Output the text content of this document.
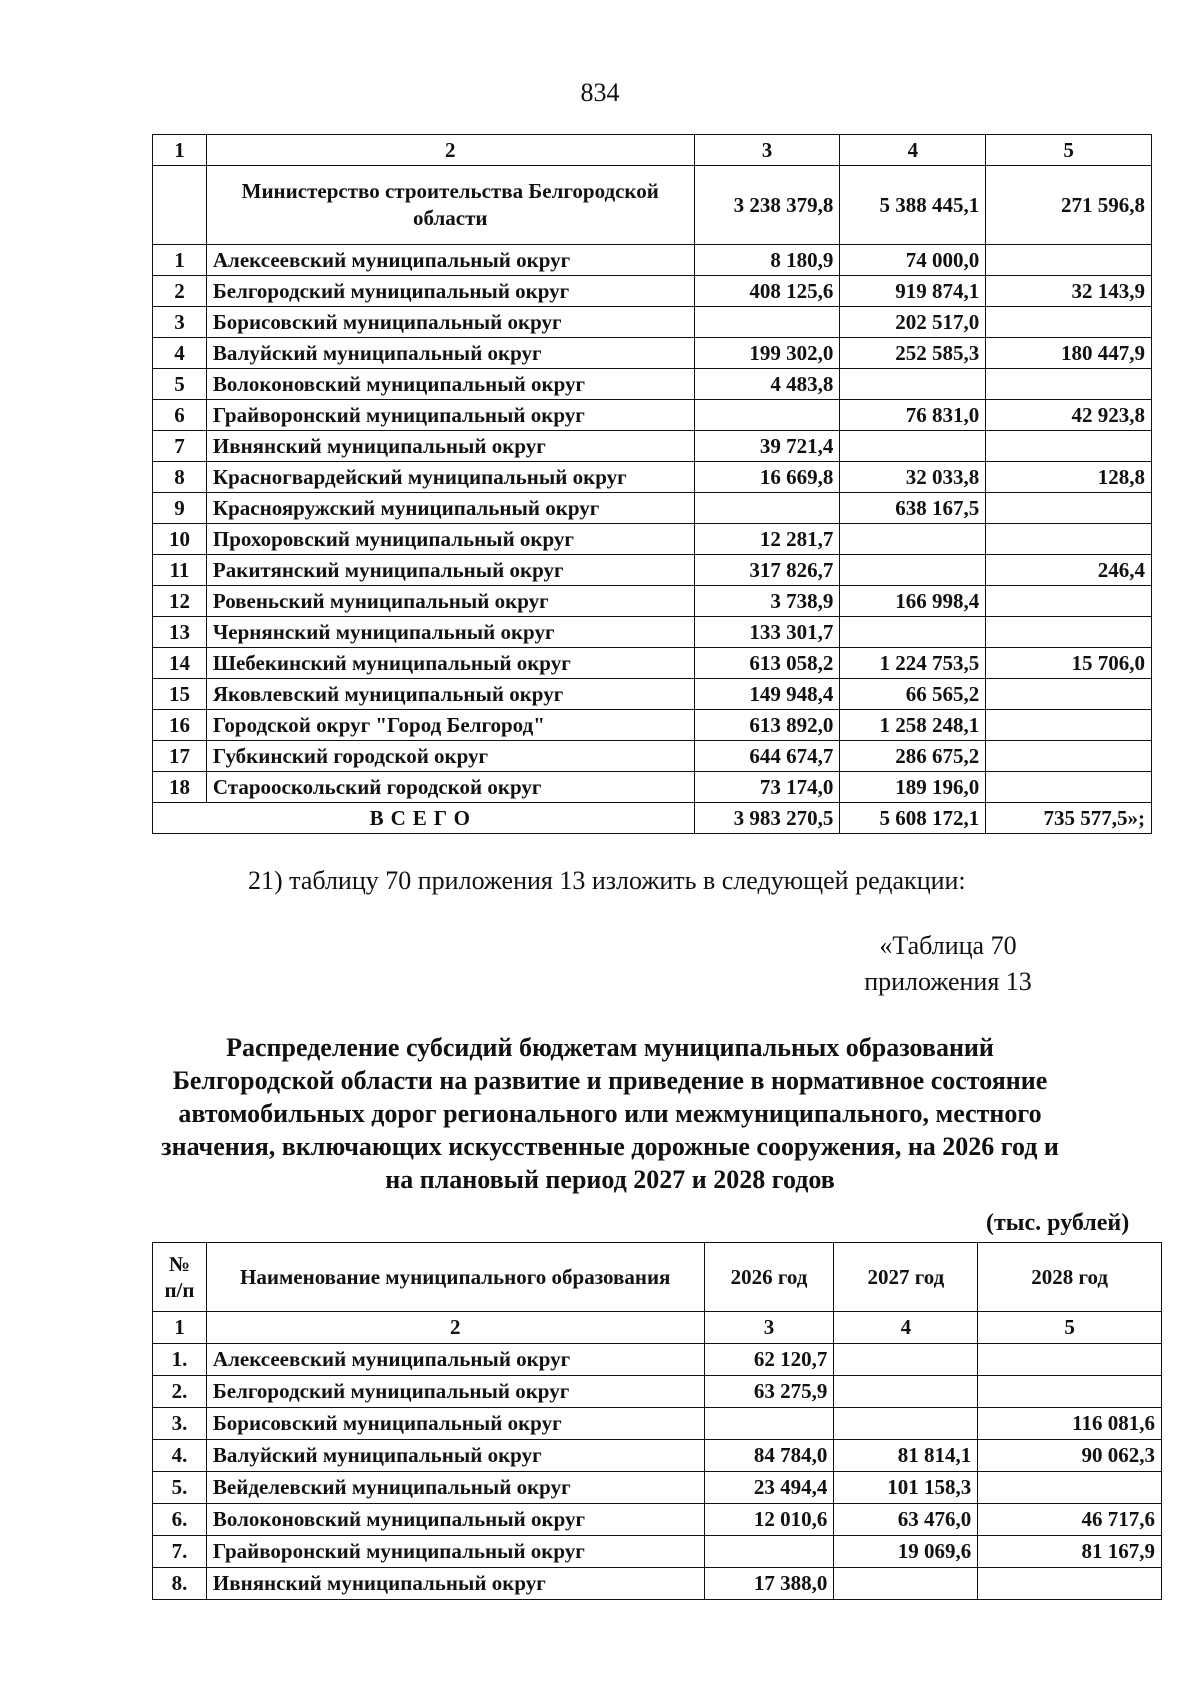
834
1	2	3	4	5
	Министерство строительства Белгородской области	3 238 379,8	5 388 445,1	271 596,8
1	Алексеевский муниципальный округ	8 180,9	74 000,0	
2	Белгородский муниципальный округ	408 125,6	919 874,1	32 143,9
3	Борисовский муниципальный округ		202 517,0	
4	Валуйский муниципальный округ	199 302,0	252 585,3	180 447,9
5	Волоконовский муниципальный округ	4 483,8		
6	Грайворонский муниципальный округ		76 831,0	42 923,8
7	Ивнянский муниципальный округ	39 721,4		
8	Красногвардейский муниципальный округ	16 669,8	32 033,8	128,8
9	Краснояружский муниципальный округ		638 167,5	
10	Прохоровский муниципальный округ	12 281,7		
11	Ракитянский муниципальный округ	317 826,7		246,4
12	Ровеньский муниципальный округ	3 738,9	166 998,4	
13	Чернянский муниципальный округ	133 301,7		
14	Шебекинский муниципальный округ	613 058,2	1 224 753,5	15 706,0
15	Яковлевский муниципальный округ	149 948,4	66 565,2	
16	Городской округ "Город Белгород"	613 892,0	1 258 248,1	
17	Губкинский городской округ	644 674,7	286 675,2	
18	Старооскольский городской округ	73 174,0	189 196,0	
ВСЕГО		3 983 270,5	5 608 172,1	735 577,5»;
21) таблицу 70 приложения 13 изложить в следующей редакции:
«Таблица 70
приложения 13
Распределение субсидий бюджетам муниципальных образований Белгородской области на развитие и приведение в нормативное состояние автомобильных дорог регионального или межмуниципального, местного значения, включающих искусственные дорожные сооружения, на 2026 год и на плановый период 2027 и 2028 годов
(тыс. рублей)
№ п/п	Наименование муниципального образования	2026 год	2027 год	2028 год
1	2	3	4	5
1.	Алексеевский муниципальный округ	62 120,7		
2.	Белгородский муниципальный округ	63 275,9		
3.	Борисовский муниципальный округ			116 081,6
4.	Валуйский муниципальный округ	84 784,0	81 814,1	90 062,3
5.	Вейделевский муниципальный округ	23 494,4	101 158,3	
6.	Волоконовский муниципальный округ	12 010,6	63 476,0	46 717,6
7.	Грайворонский муниципальный округ		19 069,6	81 167,9
8.	Ивнянский муниципальный округ	17 388,0		
